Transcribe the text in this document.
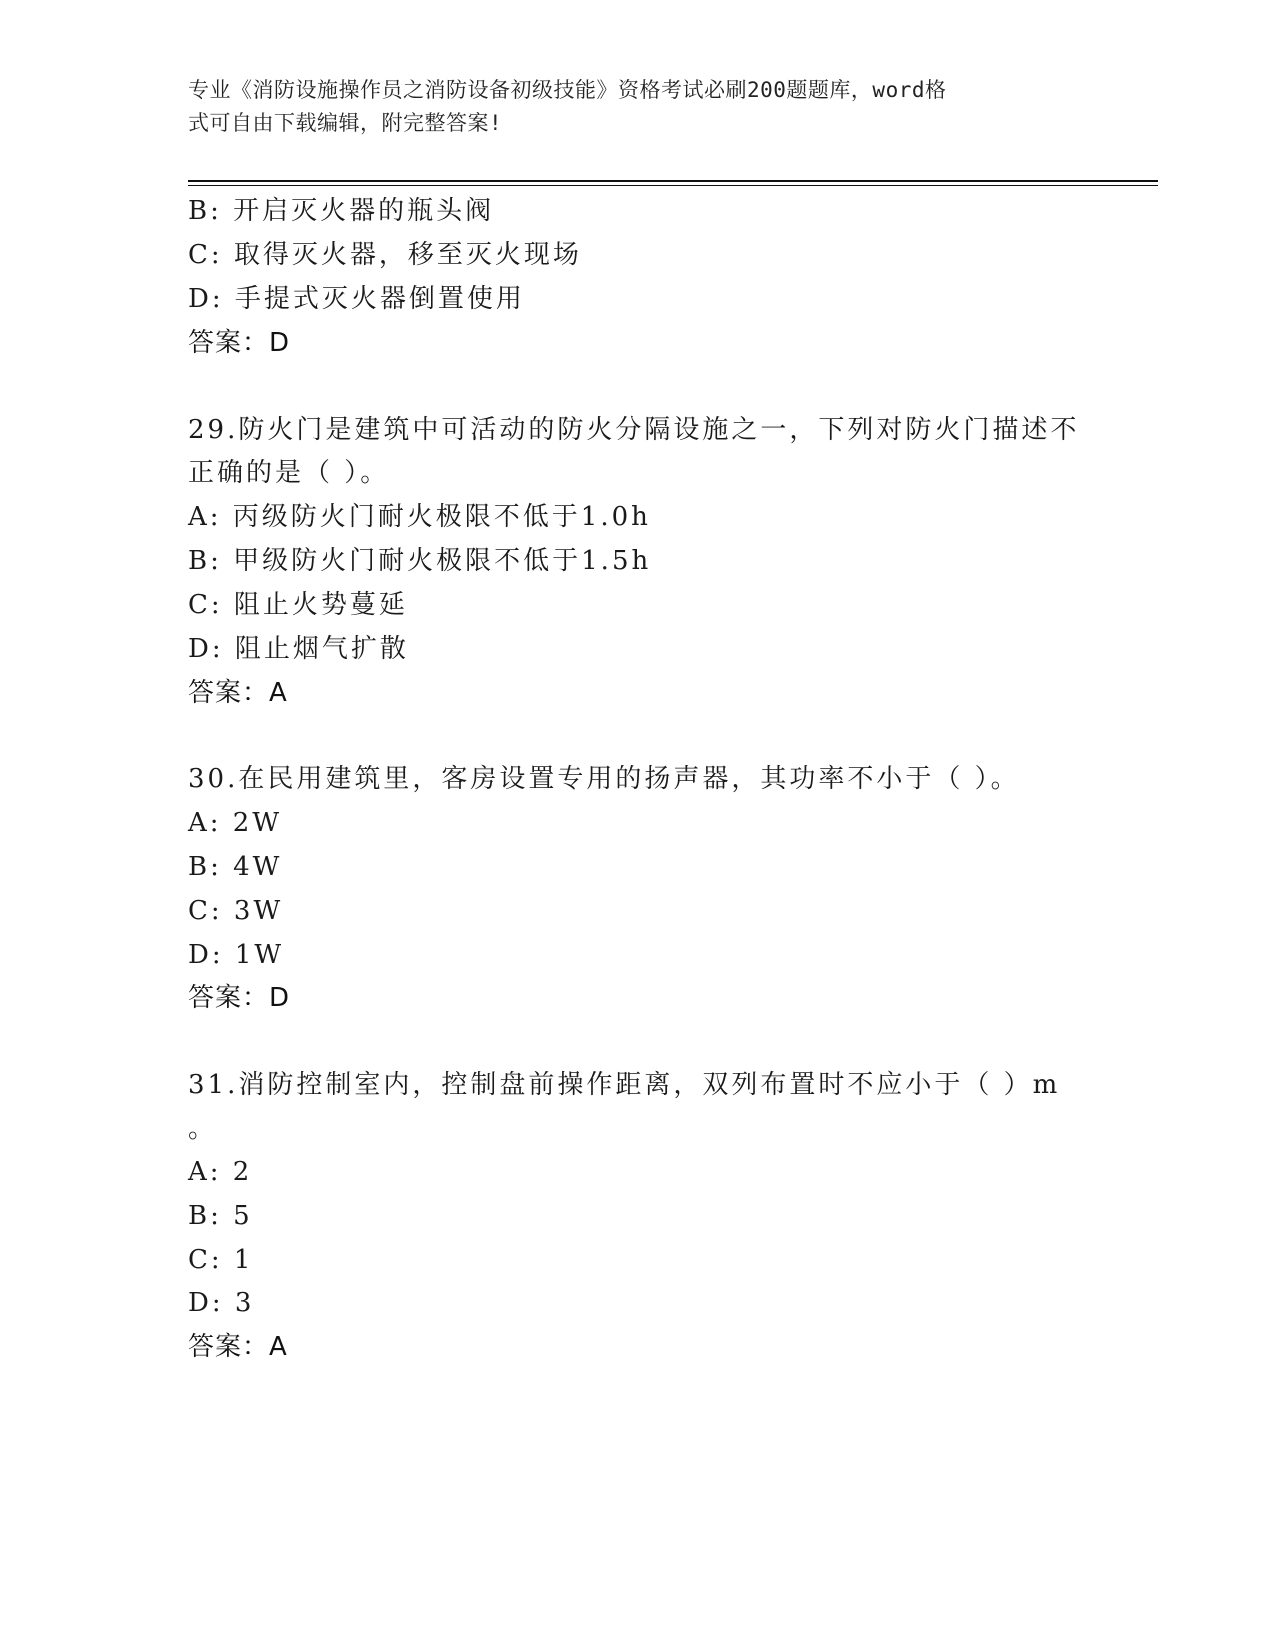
专业《消防设施操作员之消防设备初级技能》资格考试必刷200题题库，word格
式可自由下载编辑，附完整答案!
B: 开启灭火器的瓶头阀
C: 取得灭火器，移至灭火现场
D: 手提式灭火器倒置使用
答案：D
29.防火门是建筑中可活动的防火分隔设施之一，下列对防火门描述不
正确的是（ ）。
A: 丙级防火门耐火极限不低于1.0h
B: 甲级防火门耐火极限不低于1.5h
C: 阻止火势蔓延
D: 阻止烟气扩散
答案：A
30.在民用建筑里，客房设置专用的扬声器，其功率不小于（ ）。
A: 2W
B: 4W
C: 3W
D: 1W
答案：D
31.消防控制室内，控制盘前操作距离，双列布置时不应小于（ ）m
。
A: 2
B: 5
C: 1
D: 3
答案：A
